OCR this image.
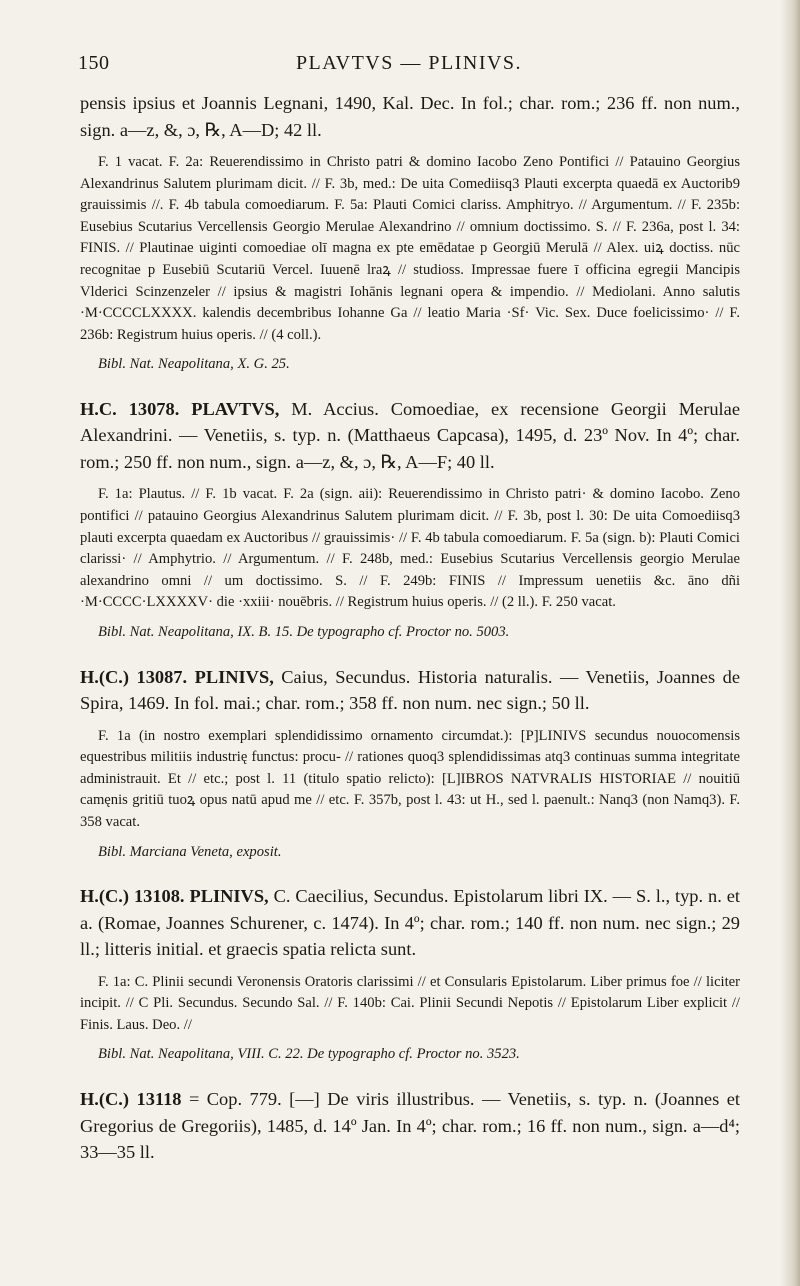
150	PLAVTVS — PLINIVS.

pensis ipsius et Joannis Legnani, 1490, Kal. Dec. In fol.; char. rom.; 236 ff. non num., sign. a—z, &, ɔ, ℞, A—D; 42 ll.

F. 1 vacat. F. 2a: Reuerendissimo in Christo patri & domino Iacobo Zeno Pontifici // Patauino Georgius Alexandrinus Salutem plurimam dicit. // F. 3b, med.: De uita Comediisq3 Plauti excerpta quaedā ex Auctorib9 grauissimis //. F. 4b tabula comoediarum. F. 5a: Plauti Comici clariss. Amphitryo. // Argumentum. // F. 235b: Eusebius Scutarius Vercellensis Georgio Merulae Alexandrino // omnium doctissimo. S. // F. 236a, post l. 34: FINIS. // Plautinae uiginti comoediae olī magna ex pte emēdatae p Georgiū Merulā // Alex. uiꝝ doctiss. nūc recognitae p Eusebiū Scutariū Vercel. Iuuenē lraꝝ // studioss. Impressae fuere ī officina egregii Mancipis Vlderici Scinzenzeler // ipsius & magistri Iohānis legnani opera & impendio. // Mediolani. Anno salutis ·M·CCCCLXXXX. kalendis decembribus Iohanne Ga // leatio Maria ·Sf· Vic. Sex. Duce foelicissimo· // F. 236b: Registrum huius operis. // (4 coll.).

Bibl. Nat. Neapolitana, X. G. 25.

H.C. 13078. PLAVTVS, M. Accius. Comoediae, ex recensione Georgii Merulae Alexandrini. — Venetiis, s. typ. n. (Matthaeus Capcasa), 1495, d. 23º Nov. In 4º; char. rom.; 250 ff. non num., sign. a—z, &, ɔ, ℞, A—F; 40 ll.

F. 1a: Plautus. // F. 1b vacat. F. 2a (sign. aii): Reuerendissimo in Christo patri· & domino Iacobo. Zeno pontifici // patauino Georgius Alexandrinus Salutem plurimam dicit. // F. 3b, post l. 30: De uita Comoediisq3 plauti excerpta quaedam ex Auctoribus // grauissimis· // F. 4b tabula comoediarum. F. 5a (sign. b): Plauti Comici clarissi· // Amphytrio. // Argumentum. // F. 248b, med.: Eusebius Scutarius Vercellensis georgio Merulae alexandrino omni // um doctissimo. S. // F. 249b: FINIS // Impressum uenetiis &c. āno dñi ·M·CCCC·LXXXXV· die ·xxiii· nouēbris. // Registrum huius operis. // (2 ll.). F. 250 vacat.

Bibl. Nat. Neapolitana, IX. B. 15. De typographo cf. Proctor no. 5003.

H.(C.) 13087. PLINIVS, Caius, Secundus. Historia naturalis. — Venetiis, Joannes de Spira, 1469. In fol. mai.; char. rom.; 358 ff. non num. nec sign.; 50 ll.

F. 1a (in nostro exemplari splendidissimo ornamento circumdat.): [P]LINIVS secundus nouocomensis equestribus militiis industrię functus: procu- // rationes quoq3 splendidissimas atq3 continuas summa integritate administrauit. Et // etc.; post l. 11 (titulo spatio relicto): [L]IBROS NATVRALIS HISTORIAE // nouitiū camęnis gritiū tuoꝝ opus natū apud me // etc. F. 357b, post l. 43: ut H., sed l. paenult.: Nanq3 (non Namq3). F. 358 vacat.

Bibl. Marciana Veneta, exposit.

H.(C.) 13108. PLINIVS, C. Caecilius, Secundus. Epistolarum libri IX. — S. l., typ. n. et a. (Romae, Joannes Schurener, c. 1474). In 4º; char. rom.; 140 ff. non num. nec sign.; 29 ll.; litteris initial. et graecis spatia relicta sunt.

F. 1a: C. Plinii secundi Veronensis Oratoris clarissimi // et Consularis Epistolarum. Liber primus foe // liciter incipit. // C Pli. Secundus. Secundo Sal. // F. 140b: Cai. Plinii Secundi Nepotis // Epistolarum Liber explicit // Finis. Laus. Deo. //

Bibl. Nat. Neapolitana, VIII. C. 22. De typographo cf. Proctor no. 3523.

H.(C.) 13118 = Cop. 779. [—] De viris illustribus. — Venetiis, s. typ. n. (Joannes et Gregorius de Gregoriis), 1485, d. 14º Jan. In 4º; char. rom.; 16 ff. non num., sign. a—d⁴; 33—35 ll.
